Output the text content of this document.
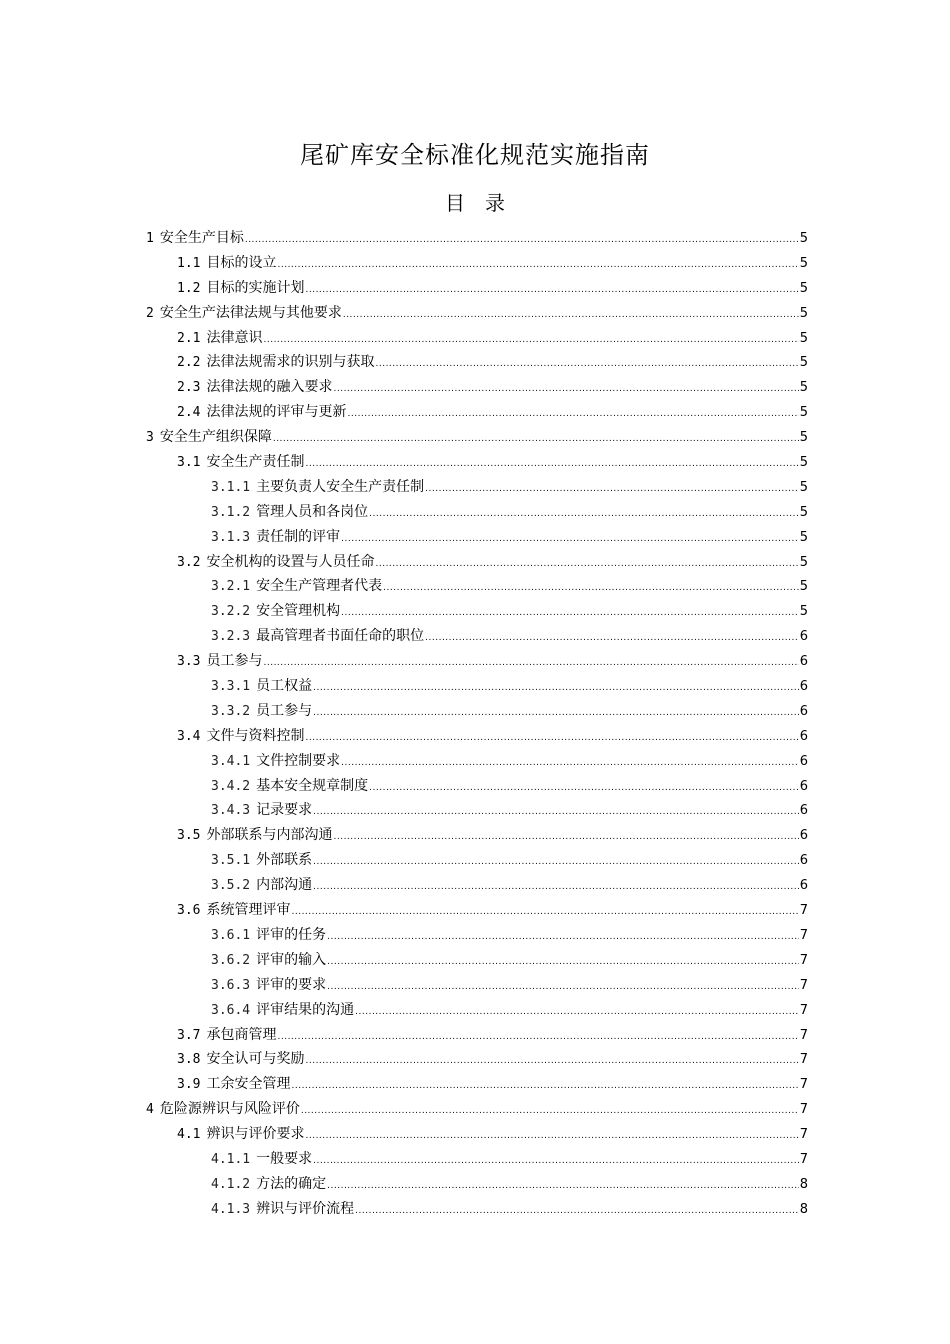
尾矿库安全标准化规范实施指南
目　录
1 安全生产目标 .....	5
1.1 目标的设立 .....	5
1.2 目标的实施计划 .....	5
2 安全生产法律法规与其他要求 .....	5
2.1 法律意识 .....	5
2.2 法律法规需求的识别与获取 .....	5
2.3 法律法规的融入要求 .....	5
2.4 法律法规的评审与更新 .....	5
3 安全生产组织保障 .....	5
3.1 安全生产责任制 .....	5
3.1.1 主要负责人安全生产责任制 .....	5
3.1.2 管理人员和各岗位 .....	5
3.1.3 责任制的评审 .....	5
3.2 安全机构的设置与人员任命 .....	5
3.2.1 安全生产管理者代表 .....	5
3.2.2 安全管理机构 .....	5
3.2.3 最高管理者书面任命的职位 .....	6
3.3 员工参与 .....	6
3.3.1 员工权益 .....	6
3.3.2 员工参与 .....	6
3.4 文件与资料控制 .....	6
3.4.1 文件控制要求 .....	6
3.4.2 基本安全规章制度 .....	6
3.4.3 记录要求 .....	6
3.5 外部联系与内部沟通 .....	6
3.5.1 外部联系 .....	6
3.5.2 内部沟通 .....	6
3.6 系统管理评审 .....	7
3.6.1 评审的任务 .....	7
3.6.2 评审的输入 .....	7
3.6.3 评审的要求 .....	7
3.6.4 评审结果的沟通 .....	7
3.7 承包商管理 .....	7
3.8 安全认可与奖励 .....	7
3.9 工余安全管理 .....	7
4 危险源辨识与风险评价 .....	7
4.1 辨识与评价要求 .....	7
4.1.1 一般要求 .....	7
4.1.2 方法的确定 .....	8
4.1.3 辨识与评价流程 .....	8
